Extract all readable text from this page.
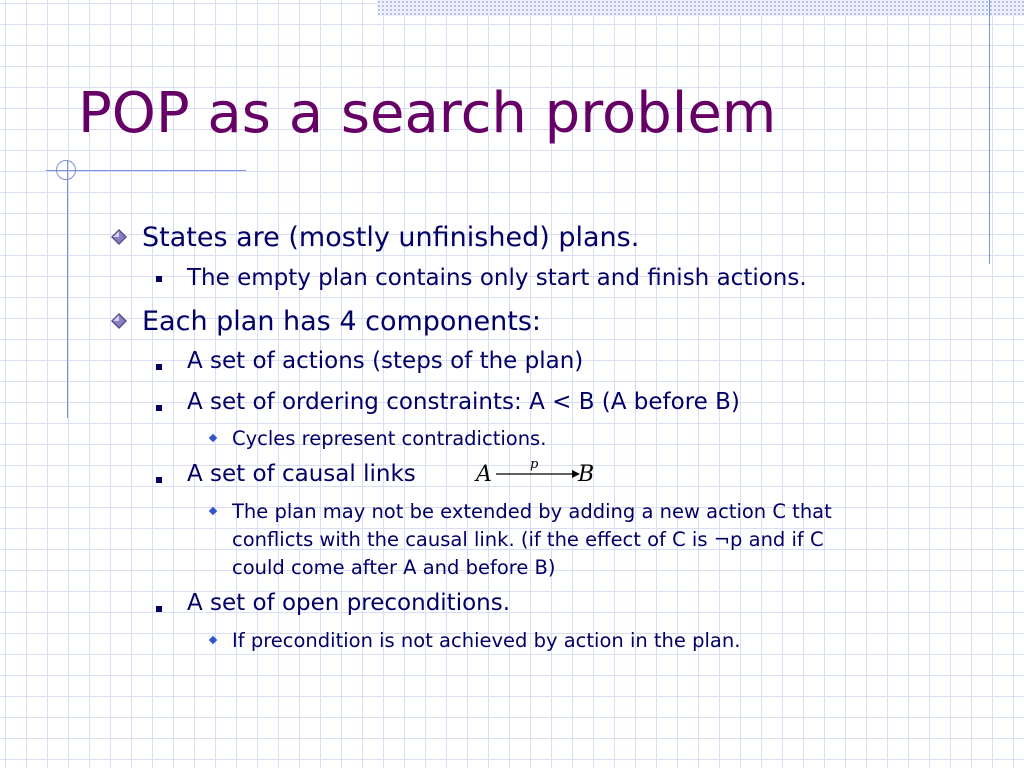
POP as a search problem

States are (mostly unfinished) plans.

The empty plan contains only start and finish actions.

Each plan has 4 components:

A set of actions (steps of the plan)

A set of ordering constraints: A < B (A before B)

Cycles represent contradictions.

A set of causal links	A	p B

The plan may not be extended by adding a new action C that

conflicts with the causal link. (if the effect of C is ¬p and if C

could come after A and before B)

A set of open preconditions.

If precondition is not achieved by action in the plan.
